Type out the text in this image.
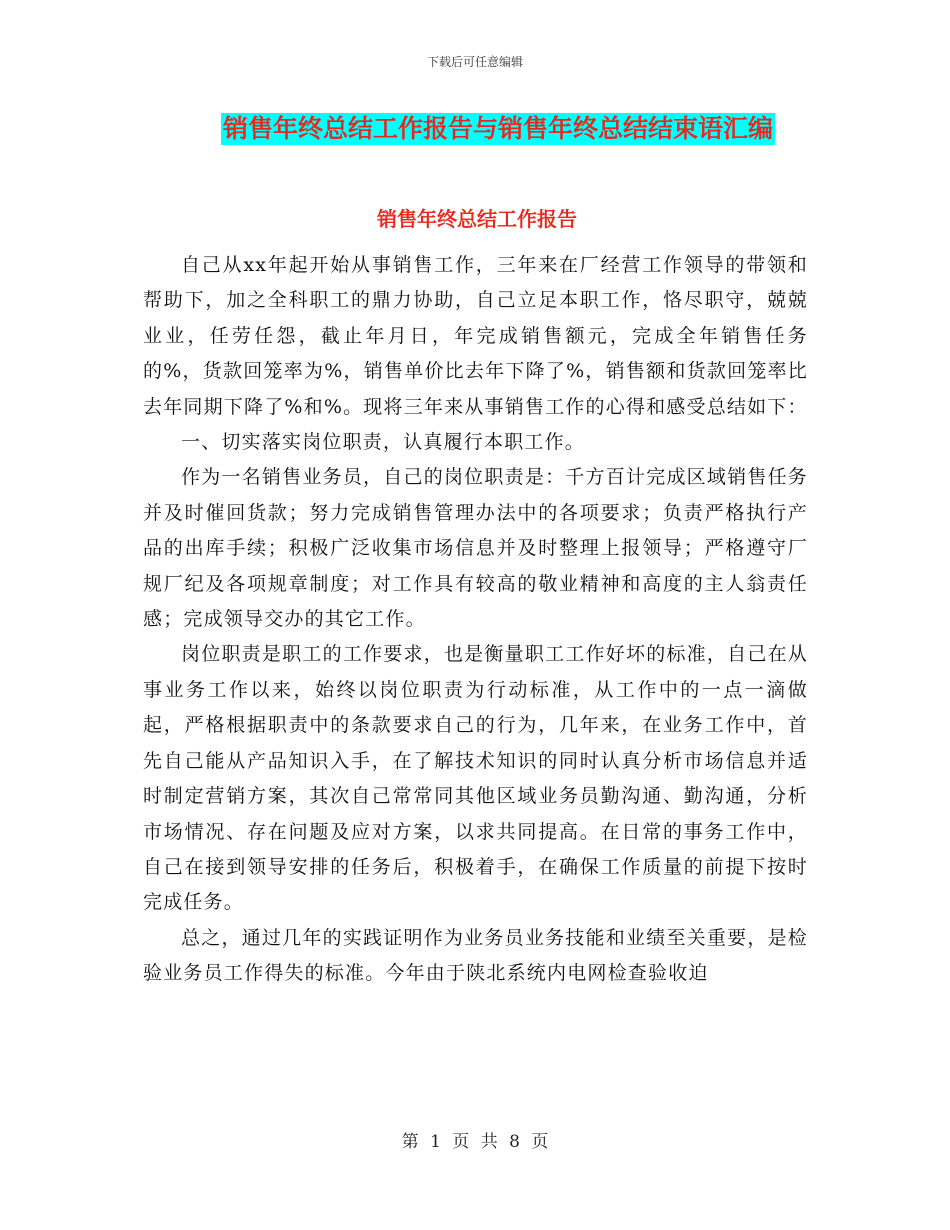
下载后可任意编辑
销售年终总结工作报告与销售年终总结结束语汇编
销售年终总结工作报告

自己从xx年起开始从事销售工作，三年来在厂经营工作领导的带领和帮助下，加之全科职工的鼎力协助，自己立足本职工作，恪尽职守，兢兢业业，任劳任怨，截止年月日，年完成销售额元，完成全年销售任务的%，货款回笼率为%，销售单价比去年下降了%，销售额和货款回笼率比去年同期下降了%和%。现将三年来从事销售工作的心得和感受总结如下：

一、切实落实岗位职责，认真履行本职工作。

作为一名销售业务员，自己的岗位职责是：千方百计完成区域销售任务并及时催回货款；努力完成销售管理办法中的各项要求；负责严格执行产品的出库手续；积极广泛收集市场信息并及时整理上报领导；严格遵守厂规厂纪及各项规章制度；对工作具有较高的敬业精神和高度的主人翁责任感；完成领导交办的其它工作。

岗位职责是职工的工作要求，也是衡量职工工作好坏的标准，自己在从事业务工作以来，始终以岗位职责为行动标准，从工作中的一点一滴做起，严格根据职责中的条款要求自己的行为，几年来，在业务工作中，首先自己能从产品知识入手，在了解技术知识的同时认真分析市场信息并适时制定营销方案，其次自己常常同其他区域业务员勤沟通、勤沟通，分析市场情况、存在问题及应对方案，以求共同提高。在日常的事务工作中，自己在接到领导安排的任务后，积极着手，在确保工作质量的前提下按时完成任务。

总之，通过几年的实践证明作为业务员业务技能和业绩至关重要，是检验业务员工作得失的标准。今年由于陕北系统内电网检查验收迫

第 1 页 共 8 页
